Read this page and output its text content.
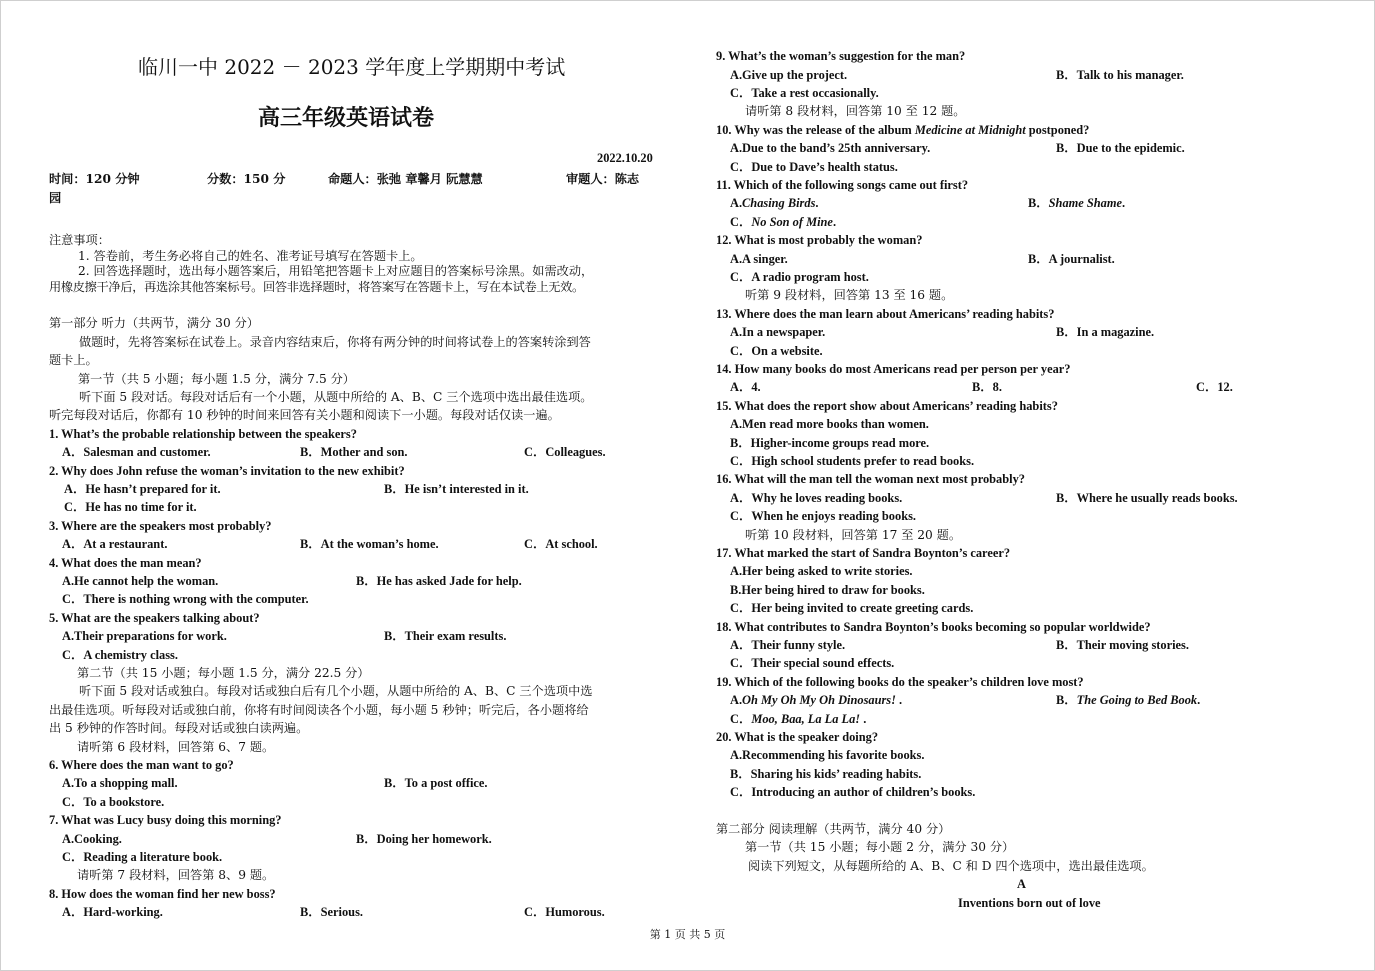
临川一中 2022 － 2023 学年度上学期期中考试
高三年级英语试卷
2022.10.20
时间：120 分钟	分数：150 分	命题人：张弛 章馨月 阮慧慧	审题人：陈志
园
注意事项：
1. 答卷前，考生务必将自己的姓名、准考证号填写在答题卡上。
2. 回答选择题时，选出每小题答案后，用铅笔把答题卡上对应题目的答案标号涂黑。如需改动，
用橡皮擦干净后，再选涂其他答案标号。回答非选择题时，将答案写在答题卡上，写在本试卷上无效。
第一部分 听力（共两节，满分 30 分）
做题时，先将答案标在试卷上。录音内容结束后，你将有两分钟的时间将试卷上的答案转涂到答
题卡上。
第一节（共 5 小题；每小题 1.5 分，满分 7.5 分）
听下面 5 段对话。每段对话后有一个小题，从题中所给的 A、B、C 三个选项中选出最佳选项。
听完每段对话后，你都有 10 秒钟的时间来回答有关小题和阅读下一小题。每段对话仅读一遍。
1. What’s the probable relationship between the speakers?
A．Salesman and customer.	B．Mother and son.	C．Colleagues.
2. Why does John refuse the woman’s invitation to the new exhibit?
A．He hasn’t prepared for it.	B．He isn’t interested in it.
C．He has no time for it.
3. Where are the speakers most probably?
A．At a restaurant.	B．At the woman’s home.	C．At school.
4. What does the man mean?
A.He cannot help the woman.	B．He has asked Jade for help.
C．There is nothing wrong with the computer.
5. What are the speakers talking about?
A.Their preparations for work.	B．Their exam results.
C．A chemistry class.
第二节（共 15 小题；每小题 1.5 分，满分 22.5 分）
听下面 5 段对话或独白。每段对话或独白后有几个小题，从题中所给的 A、B、C 三个选项中选
出最佳选项。听每段对话或独白前，你将有时间阅读各个小题，每小题 5 秒钟；听完后，各小题将给
出 5 秒钟的作答时间。每段对话或独白读两遍。
请听第 6 段材料，回答第 6、7 题。
6. Where does the man want to go?
A.To a shopping mall.	B．To a post office.
C．To a bookstore.
7. What was Lucy busy doing this morning?
A.Cooking.	B．Doing her homework.
C．Reading a literature book.
请听第 7 段材料，回答第 8、9 题。
8. How does the woman find her new boss?
A．Hard-working.	B．Serious.	C．Humorous.
9. What’s the woman’s suggestion for the man?
A.Give up the project.	B．Talk to his manager.
C．Take a rest occasionally.
请听第 8 段材料，回答第 10 至 12 题。
10. Why was the release of the album Medicine at Midnight postponed?
A.Due to the band’s 25th anniversary.	B．Due to the epidemic.
C．Due to Dave’s health status.
11. Which of the following songs came out first?
A.Chasing Birds.	B．Shame Shame.
C．No Son of Mine.
12. What is most probably the woman?
A.A singer.	B．A journalist.
C．A radio program host.
听第 9 段材料，回答第 13 至 16 题。
13. Where does the man learn about Americans’ reading habits?
A.In a newspaper.	B．In a magazine.
C．On a website.
14. How many books do most Americans read per person per year?
A．4.	B．8.	C．12.
15. What does the report show about Americans’ reading habits?
A.Men read more books than women.
B．Higher-income groups read more.
C．High school students prefer to read books.
16. What will the man tell the woman next most probably?
A．Why he loves reading books.	B．Where he usually reads books.
C．When he enjoys reading books.
听第 10 段材料，回答第 17 至 20 题。
17. What marked the start of Sandra Boynton’s career?
A.Her being asked to write stories.
B.Her being hired to draw for books.
C．Her being invited to create greeting cards.
18. What contributes to Sandra Boynton’s books becoming so popular worldwide?
A．Their funny style.	B．Their moving stories.
C．Their special sound effects.
19. Which of the following books do the speaker’s children love most?
A.Oh My Oh My Oh Dinosaurs! .	B．The Going to Bed Book.
C．Moo, Baa, La La La! .
20. What is the speaker doing?
A.Recommending his favorite books.
B．Sharing his kids’ reading habits.
C．Introducing an author of children’s books.
第二部分 阅读理解（共两节，满分 40 分）
第一节（共 15 小题；每小题 2 分，满分 30 分）
阅读下列短文，从每题所给的 A、B、C 和 D 四个选项中，选出最佳选项。
A
Inventions born out of love
第 1 页 共 5 页
